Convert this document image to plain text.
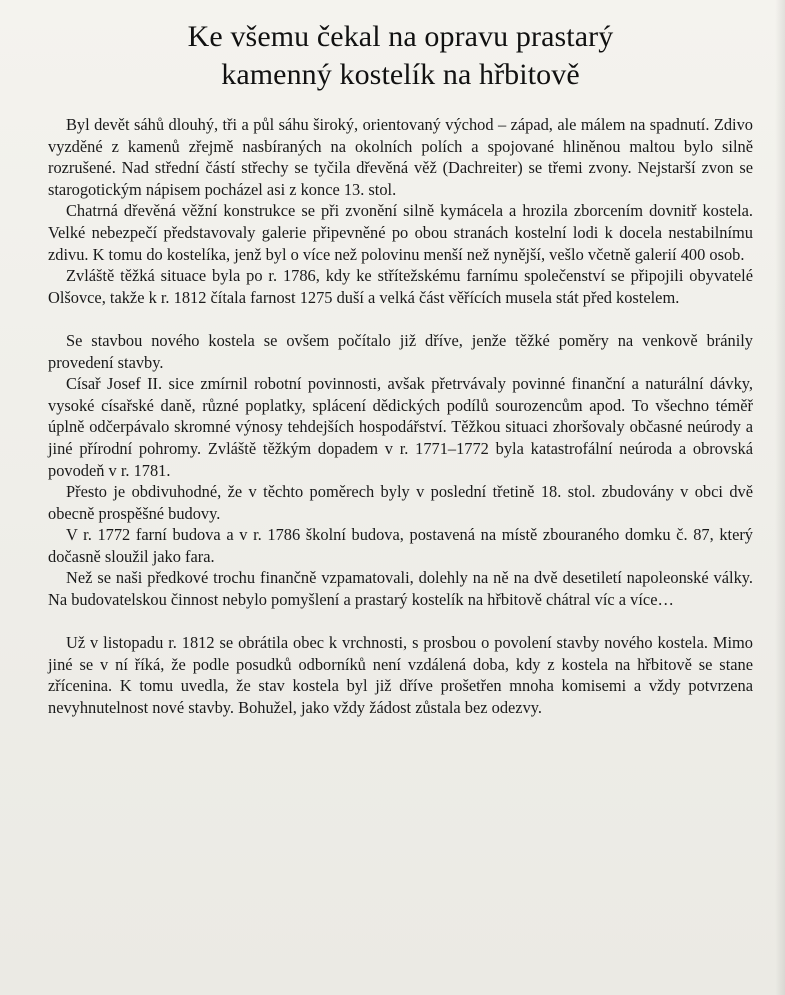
Ke všemu čekal na opravu prastarý
kamenný kostelík na hřbitově

Byl devět sáhů dlouhý, tři a půl sáhu široký, orientovaný východ – západ, ale málem na spadnutí. Zdivo vyzděné z kamenů zřejmě nasbíraných na okolních polích a spojované hliněnou maltou bylo silně rozrušené. Nad střední částí střechy se tyčila dřevěná věž (Dachreiter) se třemi zvony. Nejstarší zvon se starogotickým nápisem pocházel asi z konce 13. stol.

Chatrná dřevěná věžní konstrukce se při zvonění silně kymácela a hrozila zborcením dovnitř kostela. Velké nebezpečí představovaly galerie připevněné po obou stranách kostelní lodi k docela nestabilnímu zdivu. K tomu do kostelíka, jenž byl o více než polovinu menší než nynější, vešlo včetně galerií 400 osob.

Zvláště těžká situace byla po r. 1786, kdy ke střítežskému farnímu společenství se připojili obyvatelé Olšovce, takže k r. 1812 čítala farnost 1275 duší a velká část věřících musela stát před kostelem.

Se stavbou nového kostela se ovšem počítalo již dříve, jenže těžké poměry na venkově bránily provedení stavby.

Císař Josef II. sice zmírnil robotní povinnosti, avšak přetrvávaly povinné finanční a naturální dávky, vysoké císařské daně, různé poplatky, splácení dědických podílů sourozencům apod. To všechno téměř úplně odčerpávalo skromné výnosy tehdejších hospodářství. Těžkou situaci zhoršovaly občasné neúrody a jiné přírodní pohromy. Zvláště těžkým dopadem v r. 1771–1772 byla katastrofální neúroda a obrovská povodeň v r. 1781.

Přesto je obdivuhodné, že v těchto poměrech byly v poslední třetině 18. stol. zbudovány v obci dvě obecně prospěšné budovy.

V r. 1772 farní budova a v r. 1786 školní budova, postavená na místě zbouraného domku č. 87, který dočasně sloužil jako fara.

Než se naši předkové trochu finančně vzpamatovali, dolehly na ně na dvě desetiletí napoleonské války. Na budovatelskou činnost nebylo pomyšlení a prastarý kostelík na hřbitově chátral víc a více…

Už v listopadu r. 1812 se obrátila obec k vrchnosti, s prosbou o povolení stavby nového kostela. Mimo jiné se v ní říká, že podle posudků odborníků není vzdálená doba, kdy z kostela na hřbitově se stane zřícenina. K tomu uvedla, že stav kostela byl již dříve prošetřen mnoha komisemi a vždy potvrzena nevyhnutelnost nové stavby. Bohužel, jako vždy žádost zůstala bez odezvy.
